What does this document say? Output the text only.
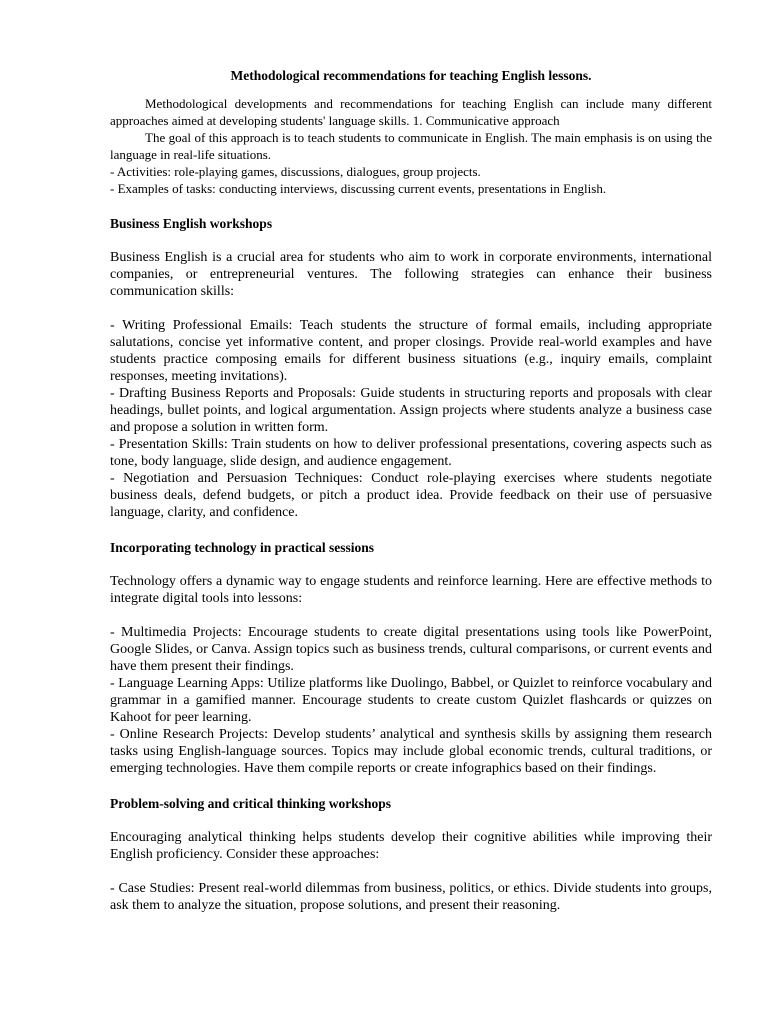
Methodological recommendations for teaching English lessons.

Methodological developments and recommendations for teaching English can include many different approaches aimed at developing students' language skills. 1. Communicative approach

The goal of this approach is to teach students to communicate in English. The main emphasis is on using the language in real-life situations.

- Activities: role-playing games, discussions, dialogues, group projects.
- Examples of tasks: conducting interviews, discussing current events, presentations in English.
Business English workshops

Business English is a crucial area for students who aim to work in corporate environments, international companies, or entrepreneurial ventures. The following strategies can enhance their business communication skills:

- Writing Professional Emails: Teach students the structure of formal emails, including appropriate salutations, concise yet informative content, and proper closings. Provide real-world examples and have students practice composing emails for different business situations (e.g., inquiry emails, complaint responses, meeting invitations).
- Drafting Business Reports and Proposals: Guide students in structuring reports and proposals with clear headings, bullet points, and logical argumentation. Assign projects where students analyze a business case and propose a solution in written form.
- Presentation Skills: Train students on how to deliver professional presentations, covering aspects such as tone, body language, slide design, and audience engagement.
- Negotiation and Persuasion Techniques: Conduct role-playing exercises where students negotiate business deals, defend budgets, or pitch a product idea. Provide feedback on their use of persuasive language, clarity, and confidence.
Incorporating technology in practical sessions

Technology offers a dynamic way to engage students and reinforce learning. Here are effective methods to integrate digital tools into lessons:

- Multimedia Projects: Encourage students to create digital presentations using tools like PowerPoint, Google Slides, or Canva. Assign topics such as business trends, cultural comparisons, or current events and have them present their findings.
- Language Learning Apps: Utilize platforms like Duolingo, Babbel, or Quizlet to reinforce vocabulary and grammar in a gamified manner. Encourage students to create custom Quizlet flashcards or quizzes on Kahoot for peer learning.
- Online Research Projects: Develop students’ analytical and synthesis skills by assigning them research tasks using English-language sources. Topics may include global economic trends, cultural traditions, or emerging technologies. Have them compile reports or create infographics based on their findings.
Problem-solving and critical thinking workshops

Encouraging analytical thinking helps students develop their cognitive abilities while improving their English proficiency. Consider these approaches:

- Case Studies: Present real-world dilemmas from business, politics, or ethics. Divide students into groups, ask them to analyze the situation, propose solutions, and present their reasoning.
